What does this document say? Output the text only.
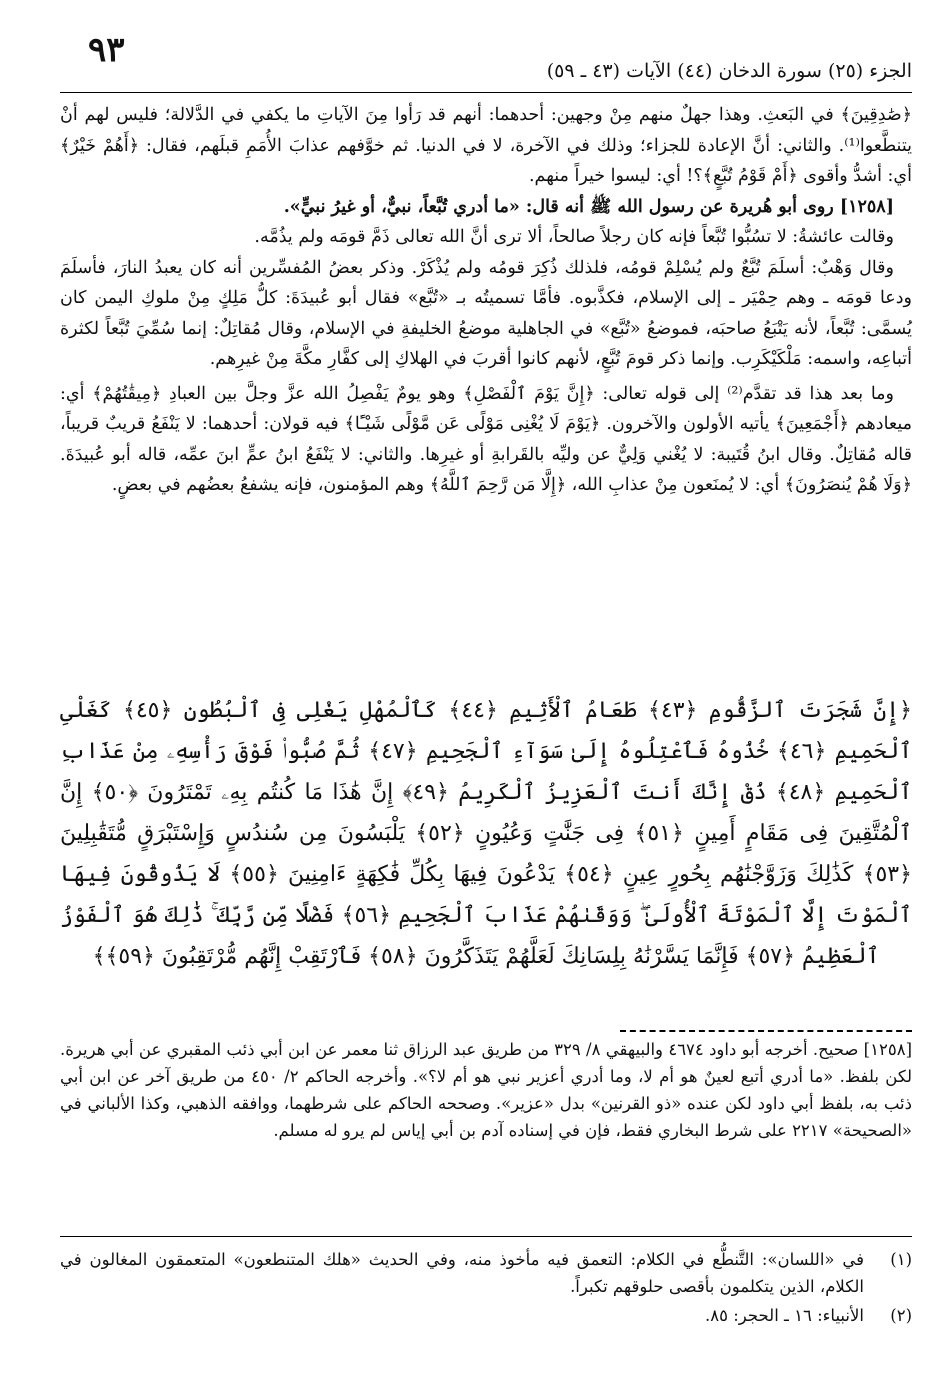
٩٣
الجزء (٢٥) سورة الدخان (٤٤) الآيات (٤٣ ـ ٥٩)

﴿صَٰدِقِينَ﴾ في البَعثِ. وهذا جهلٌ منهم مِنْ وجهين: أحدهما: أنهم قد رَأوا مِنَ الآياتِ ما يكفي في الدَّلالة؛ فليس لهم أنْ يتنطَّعوا⁽¹⁾. والثاني: أنَّ الإعادة للجزاء؛ وذلك في الآخرة، لا في الدنيا. ثم خوَّفهم عذابَ الأُمَمِ قبلَهم، فقال: ﴿أَهُمْ خَيْرٌ﴾ أي: أشدُّ وأقوى ﴿أَمْ قَوْمُ تُبَّعٍ﴾؟! أي: ليسوا خيراً منهم.

[١٢٥٨] روى أبو هُريرة عن رسول الله ﷺ أنه قال: «ما أدري تُبَّعاً، نبيٌّ، أو غيرُ نبيٍّ».

وقالت عائشةُ: لا تسُبُّوا تُبَّعاً فإنه كان رجلاً صالحاً، ألا ترى أنَّ الله تعالى ذَمَّ قومَه ولم يذُمَّه.

وقال وَهْبٌ: أسلَمَ تُبَّعٌ ولم يُسْلِمْ قومُه، فلذلك ذُكِرَ قومُه ولم يُذْكَرْ. وذكر بعضُ المُفسِّرين أنه كان يعبدُ النارَ، فأسلَمَ ودعا قومَه ـ وهم حِمْيَر ـ إلى الإسلام، فكذَّبوه. فأمَّا تسميتُه بـ «تُبَّع» فقال أبو عُبيدَةَ: كلُّ مَلِكٍ مِنْ ملوكِ اليمن كان يُسمَّى: تُبَّعاً، لأنه يَتْبَعُ صاحبَه، فموضعُ «تُبَّع» في الجاهلية موضعُ الخليفةِ في الإسلام، وقال مُقاتِلٌ: إنما سُمِّيَ تُبَّعاً لكثرة أتباعِه، واسمه: مَلْكَيْكَرِب. وإنما ذكر قومَ تُبَّعٍ، لأنهم كانوا أقربَ في الهلاكِ إلى كفَّارِ مكَّةَ مِنْ غيرِهم.

وما بعد هذا قد تقدَّم⁽²⁾ إلى قوله تعالى: ﴿إِنَّ يَوْمَ ٱلْفَصْلِ﴾ وهو يومٌ يَفْصِلُ الله عزَّ وجلَّ بين العبادِ ﴿مِيقَٰتُهُمْ﴾ أي: ميعادهم ﴿أَجْمَعِينَ﴾ يأتيه الأولون والآخرون. ﴿يَوْمَ لَا يُغْنِى مَوْلًى عَن مَّوْلًى شَيْـًٔا﴾ فيه قولان: أحدهما: لا يَنْفَعُ قريبٌ قريباً، قاله مُقاتِلٌ. وقال ابنُ قُتَيبة: لا يُغْني وَلِيٌّ عن وليِّه بالقَرابةِ أو غيرِها. والثاني: لا يَنْفَعُ ابنُ عمٍّ ابنَ عمِّه، قاله أبو عُبيدَةَ. ﴿وَلَا هُمْ يُنصَرُونَ﴾ أي: لا يُمنَعون مِنْ عذابِ الله، ﴿إِلَّا مَن رَّحِمَ ٱللَّهُ﴾ وهم المؤمنون، فإنه يشفعُ بعضُهم في بعضٍ.

﴿إِنَّ شَجَرَتَ ٱلزَّقُّومِ ﴿٤٣﴾ طَعَامُ ٱلْأَثِيمِ ﴿٤٤﴾ كَٱلْمُهْلِ يَغْلِى فِى ٱلْبُطُونِ ﴿٤٥﴾ كَغَلْىِ ٱلْحَمِيمِ ﴿٤٦﴾ خُذُوهُ فَٱعْتِلُوهُ إِلَىٰ سَوَآءِ ٱلْجَحِيمِ ﴿٤٧﴾ ثُمَّ صُبُّوا۟ فَوْقَ رَأْسِهِۦ مِنْ عَذَابِ ٱلْحَمِيمِ ﴿٤٨﴾ ذُقْ إِنَّكَ أَنتَ ٱلْعَزِيزُ ٱلْكَرِيمُ ﴿٤٩﴾ إِنَّ هَٰذَا مَا كُنتُم بِهِۦ تَمْتَرُونَ ﴿٥٠﴾ إِنَّ ٱلْمُتَّقِينَ فِى مَقَامٍ أَمِينٍ ﴿٥١﴾ فِى جَنَّٰتٍ وَعُيُونٍ ﴿٥٢﴾ يَلْبَسُونَ مِن سُندُسٍ وَإِسْتَبْرَقٍ مُّتَقَٰبِلِينَ ﴿٥٣﴾ كَذَٰلِكَ وَزَوَّجْنَٰهُم بِحُورٍ عِينٍ ﴿٥٤﴾ يَدْعُونَ فِيهَا بِكُلِّ فَٰكِهَةٍ ءَامِنِينَ ﴿٥٥﴾ لَا يَذُوقُونَ فِيهَا ٱلْمَوْتَ إِلَّا ٱلْمَوْتَةَ ٱلْأُولَىٰ ۖ وَوَقَىٰهُمْ عَذَابَ ٱلْجَحِيمِ ﴿٥٦﴾ فَضْلًا مِّن رَّبِّكَ ۚ ذَٰلِكَ هُوَ ٱلْفَوْزُ ٱلْعَظِيمُ ﴿٥٧﴾ فَإِنَّمَا يَسَّرْنَٰهُ بِلِسَانِكَ لَعَلَّهُمْ يَتَذَكَّرُونَ ﴿٥٨﴾ فَٱرْتَقِبْ إِنَّهُم مُّرْتَقِبُونَ ﴿٥٩﴾﴾
[١٢٥٨] صحيح. أخرجه أبو داود ٤٦٧٤ والبيهقي ٨/ ٣٢٩ من طريق عبد الرزاق ثنا معمر عن ابن أبي ذئب المقبري عن أبي هريرة. لكن بلفظ. «ما أدري أتبع لعينٌ هو أم لا، وما أدري أعزير نبي هو أم لا؟». وأخرجه الحاكم ٢/ ٤٥٠ من طريق آخر عن ابن أبي ذئب به، بلفظ أبي داود لكن عنده «ذو القرنين» بدل «عزير». وصححه الحاكم على شرطهما، ووافقه الذهبي، وكذا الألباني في «الصحيحة» ٢٢١٧ على شرط البخاري فقط، فإن في إسناده آدم بن أبي إياس لم يرو له مسلم.
(١)
في «اللسان»: التَّنطُّع في الكلام: التعمق فيه مأخوذ منه، وفي الحديث «هلك المتنطعون» المتعمقون المغالون في الكلام، الذين يتكلمون بأقصى حلوقهم تكبراً.
(٢)
الأنبياء: ١٦ ـ الحجر: ٨٥.
